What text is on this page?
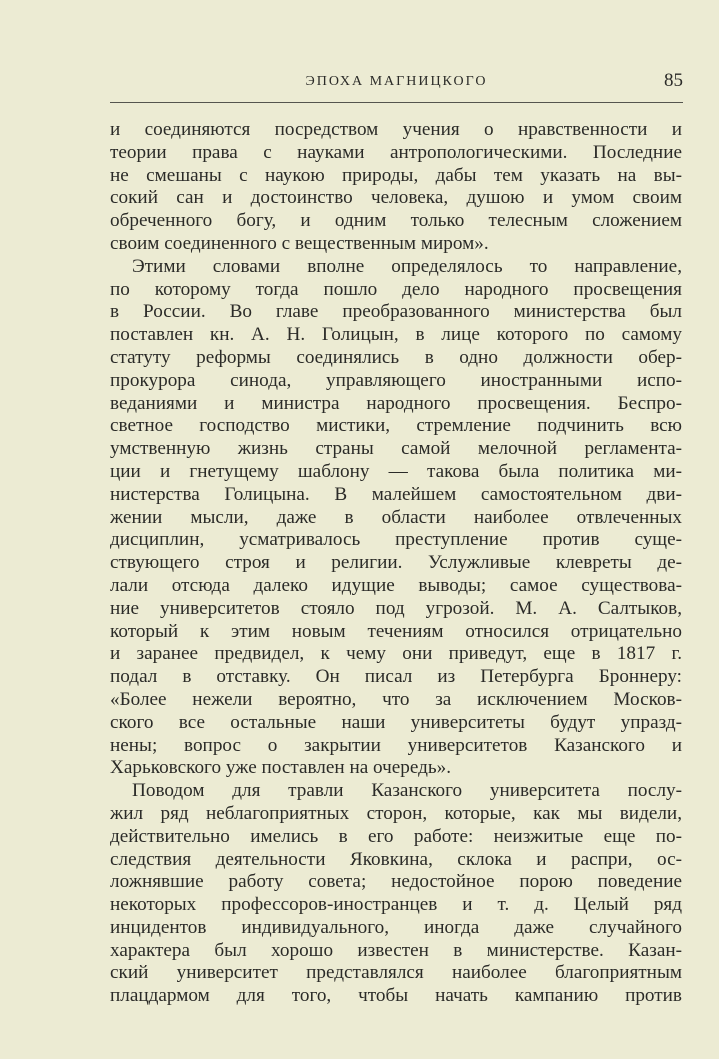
ЭПОХА МАГНИЦКОГО	85
и соединяются посредством учения о нравственности и
теории права с науками антропологическими. Последние
не смешаны с наукою природы, дабы тем указать на вы-
сокий сан и достоинство человека, душою и умом своим
обреченного богу, и одним только телесным сложением
своим соединенного с вещественным миром».
Этими словами вполне определялось то направление,
по которому тогда пошло дело народного просвещения
в России. Во главе преобразованного министерства был
поставлен кн. А. Н. Голицын, в лице которого по самому
статуту реформы соединялись в одно должности обер-
прокурора синода, управляющего иностранными испо-
веданиями и министра народного просвещения. Беспро-
светное господство мистики, стремление подчинить всю
умственную жизнь страны самой мелочной регламента-
ции и гнетущему шаблону — такова была политика ми-
нистерства Голицына. В малейшем самостоятельном дви-
жении мысли, даже в области наиболее отвлеченных
дисциплин, усматривалось преступление против суще-
ствующего строя и религии. Услужливые клевреты де-
лали отсюда далеко идущие выводы; самое существова-
ние университетов стояло под угрозой. М. А. Салтыков,
который к этим новым течениям относился отрицательно
и заранее предвидел, к чему они приведут, еще в 1817 г.
подал в отставку. Он писал из Петербурга Броннеру:
«Более нежели вероятно, что за исключением Москов-
ского все остальные наши университеты будут упразд-
нены; вопрос о закрытии университетов Казанского и
Харьковского уже поставлен на очередь».
Поводом для травли Казанского университета послу-
жил ряд неблагоприятных сторон, которые, как мы видели,
действительно имелись в его работе: неизжитые еще по-
следствия деятельности Яковкина, склока и распри, ос-
ложнявшие работу совета; недостойное порою поведение
некоторых профессоров-иностранцев и т. д. Целый ряд
инцидентов индивидуального, иногда даже случайного
характера был хорошо известен в министерстве. Казан-
ский университет представлялся наиболее благоприятным
плацдармом для того, чтобы начать кампанию против
